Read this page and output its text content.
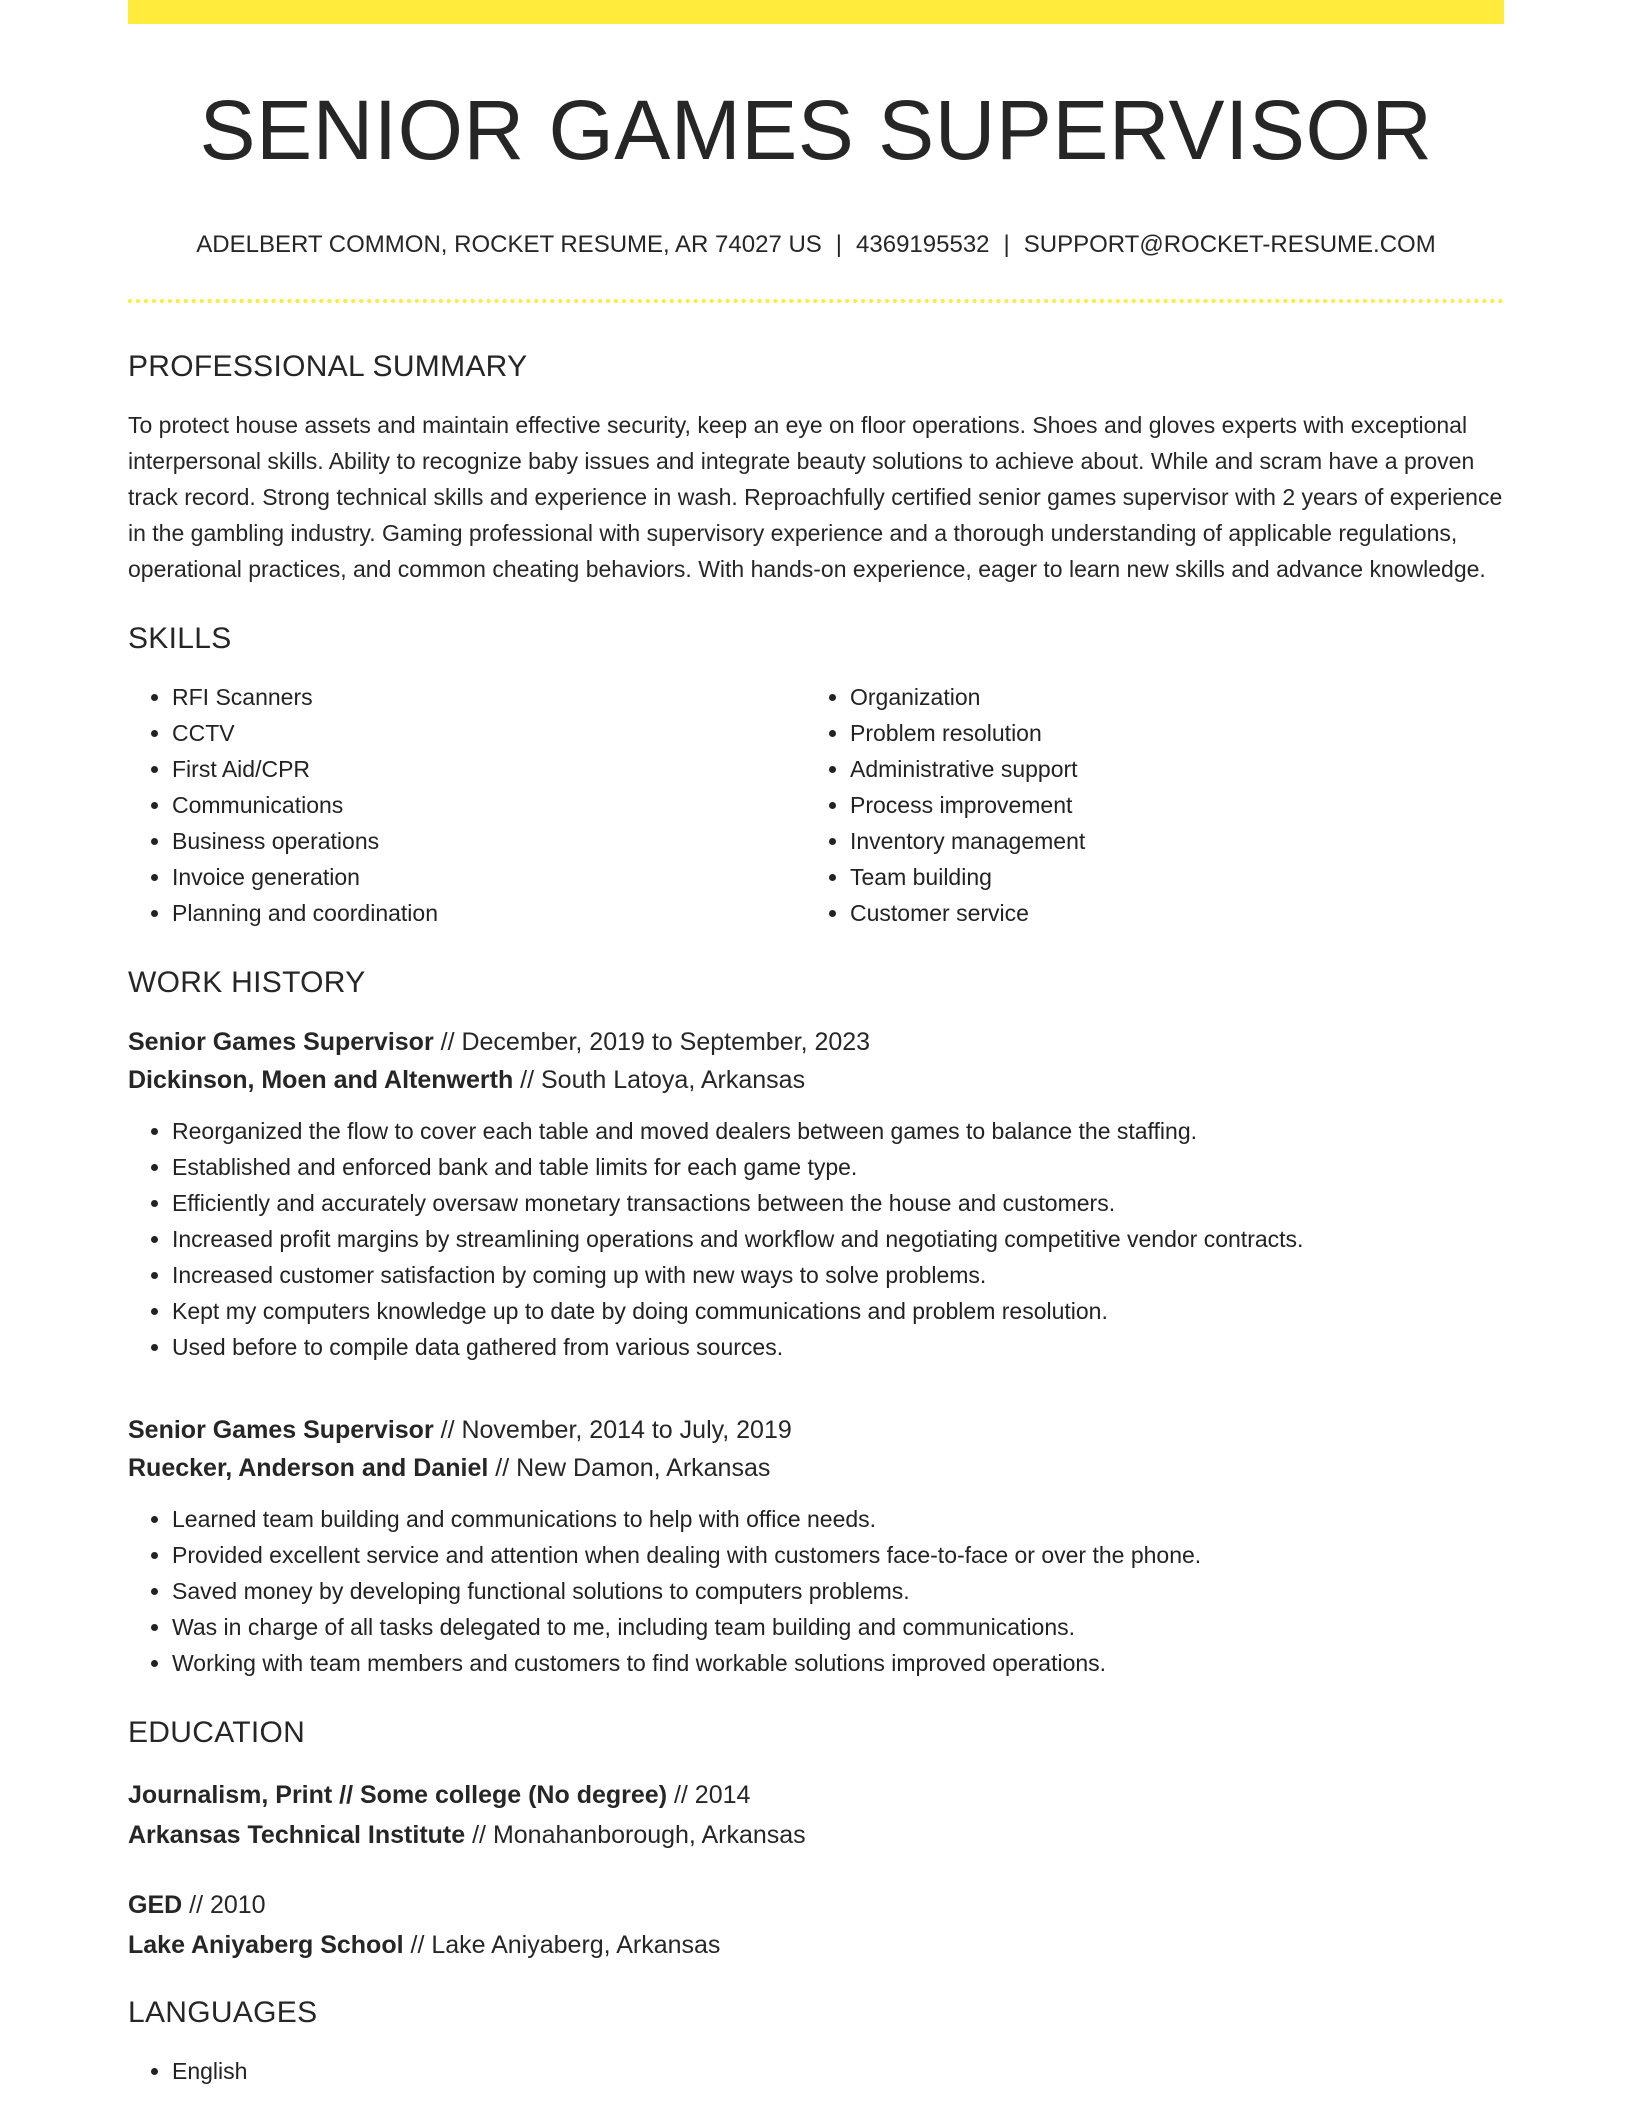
SENIOR GAMES SUPERVISOR
ADELBERT COMMON, ROCKET RESUME, AR 74027 US | 4369195532 | SUPPORT@ROCKET-RESUME.COM
PROFESSIONAL SUMMARY
To protect house assets and maintain effective security, keep an eye on floor operations. Shoes and gloves experts with exceptional interpersonal skills. Ability to recognize baby issues and integrate beauty solutions to achieve about. While and scram have a proven track record. Strong technical skills and experience in wash. Reproachfully certified senior games supervisor with 2 years of experience in the gambling industry. Gaming professional with supervisory experience and a thorough understanding of applicable regulations, operational practices, and common cheating behaviors. With hands-on experience, eager to learn new skills and advance knowledge.
SKILLS
• RFI Scanners
• CCTV
• First Aid/CPR
• Communications
• Business operations
• Invoice generation
• Planning and coordination
• Organization
• Problem resolution
• Administrative support
• Process improvement
• Inventory management
• Team building
• Customer service
WORK HISTORY
Senior Games Supervisor // December, 2019 to September, 2023
Dickinson, Moen and Altenwerth // South Latoya, Arkansas
• Reorganized the flow to cover each table and moved dealers between games to balance the staffing.
• Established and enforced bank and table limits for each game type.
• Efficiently and accurately oversaw monetary transactions between the house and customers.
• Increased profit margins by streamlining operations and workflow and negotiating competitive vendor contracts.
• Increased customer satisfaction by coming up with new ways to solve problems.
• Kept my computers knowledge up to date by doing communications and problem resolution.
• Used before to compile data gathered from various sources.
Senior Games Supervisor // November, 2014 to July, 2019
Ruecker, Anderson and Daniel // New Damon, Arkansas
• Learned team building and communications to help with office needs.
• Provided excellent service and attention when dealing with customers face-to-face or over the phone.
• Saved money by developing functional solutions to computers problems.
• Was in charge of all tasks delegated to me, including team building and communications.
• Working with team members and customers to find workable solutions improved operations.
EDUCATION
Journalism, Print // Some college (No degree) // 2014
Arkansas Technical Institute // Monahanborough, Arkansas
GED // 2010
Lake Aniyaberg School // Lake Aniyaberg, Arkansas
LANGUAGES
• English
